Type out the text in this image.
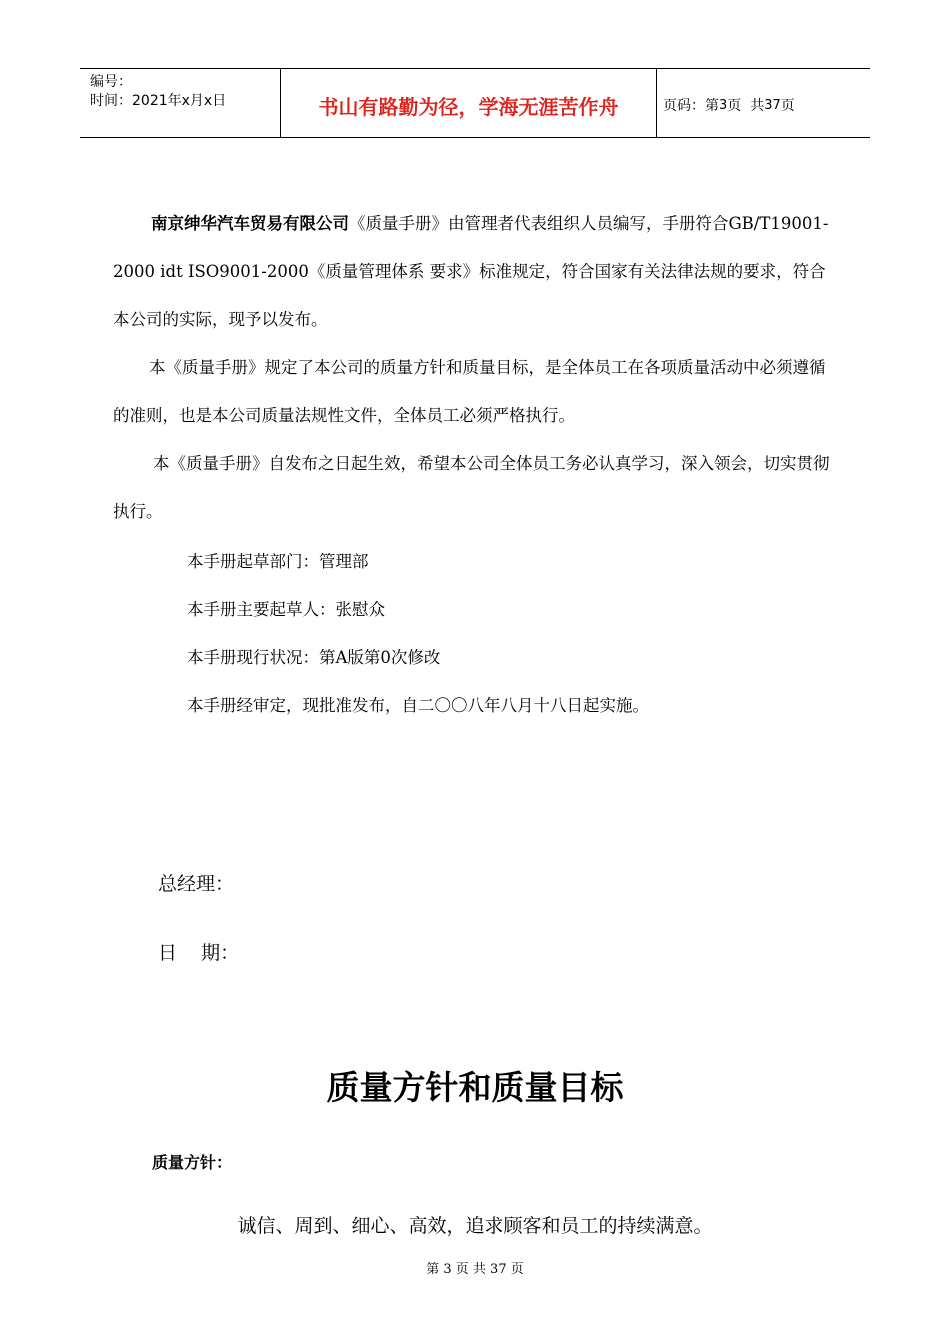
编号：
时间：2021年x月x日	书山有路勤为径，学海无涯苦作舟	页码：第 3 页  共 37 页

南京绅华汽车贸易有限公司《质量手册》由管理者代表组织人员编写，手册符合GB/T19001-2000 idt ISO9001-2000《质量管理体系 要求》标准规定，符合国家有关法律法规的要求，符合本公司的实际，现予以发布。

本《质量手册》规定了本公司的质量方针和质量目标，是全体员工在各项质量活动中必须遵循的准则，也是本公司质量法规性文件，全体员工必须严格执行。

本《质量手册》自发布之日起生效，希望本公司全体员工务必认真学习，深入领会，切实贯彻执行。

本手册起草部门：管理部

本手册主要起草人：张慰众

本手册现行状况：第A版第0次修改

本手册经审定，现批准发布，自二〇〇八年八月十八日起实施。

总经理：

日    期：

质量方针和质量目标

质量方针：

诚信、周到、细心、高效，追求顾客和员工的持续满意。

第 3 页 共 37 页
